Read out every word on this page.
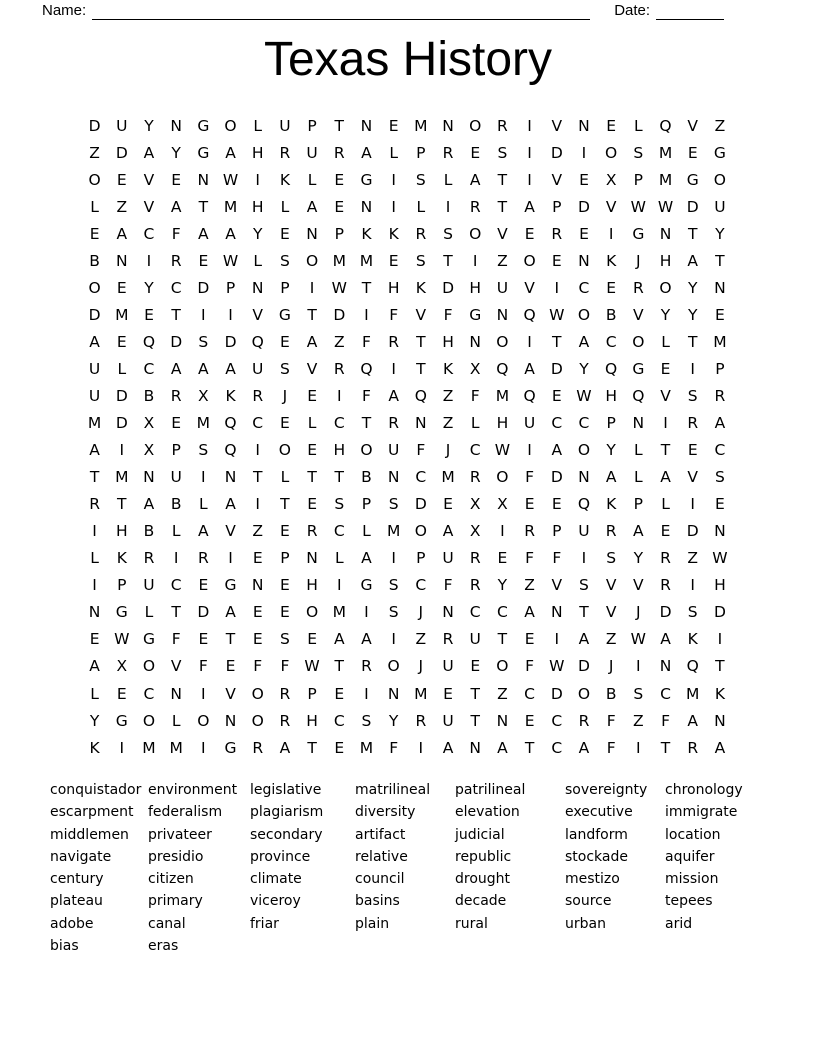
Name:	Date:
Texas History
D	U	Y	N G O	L	U	P	T	N	E	M N O	R	I	V	N	E	L	Q	V	Z
Z	D	A	Y	G	A	H	R	U	R	A	L	P	R	E	S	I	D	I	O	S	M	E	G
O	E	V	E	N W	I	K	L	E	G	I	S	L	A	T	I	V	E	X	P	M G O
L	Z	V	A	T	M H	L	A	E	N	I	L	I	R	T	A	P	D	V W W D	U
E	A	C	F	A	A	Y	E	N	P	K	K	R	S	O	V	E	R	E	I	G N	T	Y
B	N	I	R	E W L	S	O M M	E	S	T	I	Z	O	E	N	K	J	H	A	T
O	E	Y	C	D	P	N	P	I	W T	H	K	D H	U	V	I	C	E	R	O	Y	N
D M	E	T	I	I	V	G	T	D	I	F	V	F	G N Q W O	B	V	Y	Y	E
A	E	Q D	S	D Q	E	A	Z	F	R	T	H	N O	I	T	A	C	O	L	T	M
U	L	C	A	A	A	U	S	V	R	Q	I	T	K	X	Q	A	D	Y	Q G	E	I	P
U	D	B	R	X	K	R	J	E	I	F	A	Q	Z	F	M Q	E W H Q	V	S	R
M D	X	E	M Q	C	E	L	C	T	R	N	Z	L	H	U	C	C	P	N	I	R	A
A	I	X	P	S	Q	I	O	E	H O U	F	J	C W	I	A	O	Y	L	T	E	C
T	M N	U	I	N	T	L	T	T	B	N	C M R	O	F	D N	A	L	A	V	S
R	T	A	B	L	A	I	T	E	S	P	S	D	E	X	X	E	E	Q	K	P	L	I	E
I	H	B	L	A	V	Z	E	R	C	L	M O	A	X	I	R	P	U	R	A	E	D N
L	K	R	I	R	I	E	P	N	L	A	I	P	U	R	E	F	F	I	S	Y	R	Z W
I	P	U	C	E	G N	E	H	I	G	S	C	F	R	Y	Z	V	S	V	V	R	I	H
N G	L	T	D	A	E	E	O M	I	S	J	N	C	C	A	N	T	V	J	D	S	D
E W G	F	E	T	E	S	E	A	A	I	Z	R	U	T	E	I	A	Z W A	K	I
A	X	O	V	F	E	F	F W T	R	O	J	U	E	O	F W D	J	I	N Q	T
L	E	C	N	I	V	O	R	P	E	I	N M	E	T	Z	C	D O	B	S	C M K
Y	G O	L	O N O	R	H	C	S	Y	R	U	T	N	E	C	R	F	Z	F	A	N
K	I	M M	I	G	R	A	T	E	M	F	I	A	N	A	T	C	A	F	I	T	R	A
conquistador
escarpment
middlemen
navigate
century
plateau
adobe
bias
environment
federalism
privateer
presidio
citizen
primary
canal
eras
legislative
plagiarism
secondary
province
climate
viceroy
friar
matrilineal
diversity
artifact
relative
council
basins
plain
patrilineal
elevation
judicial
republic
drought
decade
rural
sovereignty
executive
landform
stockade
mestizo
source
urban
chronology
immigrate
location
aquifer
mission
tepees
arid
